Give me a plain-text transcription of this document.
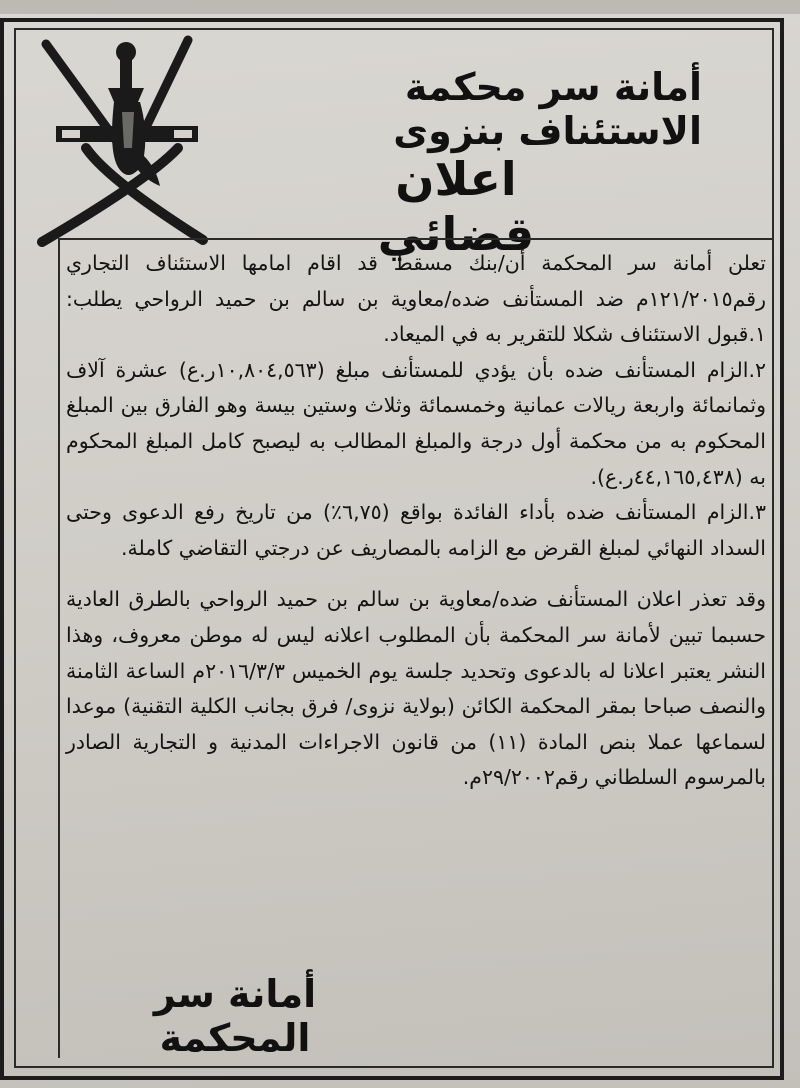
أمانة سر محكمة الاستئناف بنزوى
اعلان قضائي

تعلن أمانة سر المحكمة أن/بنك مسقط قد اقام امامها الاستئناف التجاري رقم١٢١/٢٠١٥م ضد المستأنف ضده/معاوية بن سالم بن حميد الرواحي يطلب: ١.قبول الاستئناف شكلا للتقرير به في الميعاد.

٢.الزام المستأنف ضده بأن يؤدي للمستأنف مبلغ (١٠,٨٠٤,٥٦٣ر.ع) عشرة آلاف وثمانمائة واربعة ريالات عمانية وخمسمائة وثلاث وستين بيسة وهو الفارق بين المبلغ المحكوم به من محكمة أول درجة والمبلغ المطالب به ليصبح كامل المبلغ المحكوم به (٤٤,١٦٥,٤٣٨ر.ع).

٣.الزام المستأنف ضده بأداء الفائدة بواقع (٦,٧٥٪) من تاريخ رفع الدعوى وحتى السداد النهائي لمبلغ القرض مع الزامه بالمصاريف عن درجتي التقاضي كاملة.

وقد تعذر اعلان المستأنف ضده/معاوية بن سالم بن حميد الرواحي بالطرق العادية حسبما تبين لأمانة سر المحكمة بأن المطلوب اعلانه ليس له موطن معروف، وهذا النشر يعتبر اعلانا له بالدعوى وتحديد جلسة يوم الخميس ٢٠١٦/٣/٣م الساعة الثامنة والنصف صباحا بمقر المحكمة الكائن (بولاية نزوى/ فرق بجانب الكلية التقنية) موعدا لسماعها عملا بنص المادة (١١) من قانون الاجراءات المدنية و التجارية الصادر بالمرسوم السلطاني رقم٢٩/٢٠٠٢م.

أمانة سر المحكمة
